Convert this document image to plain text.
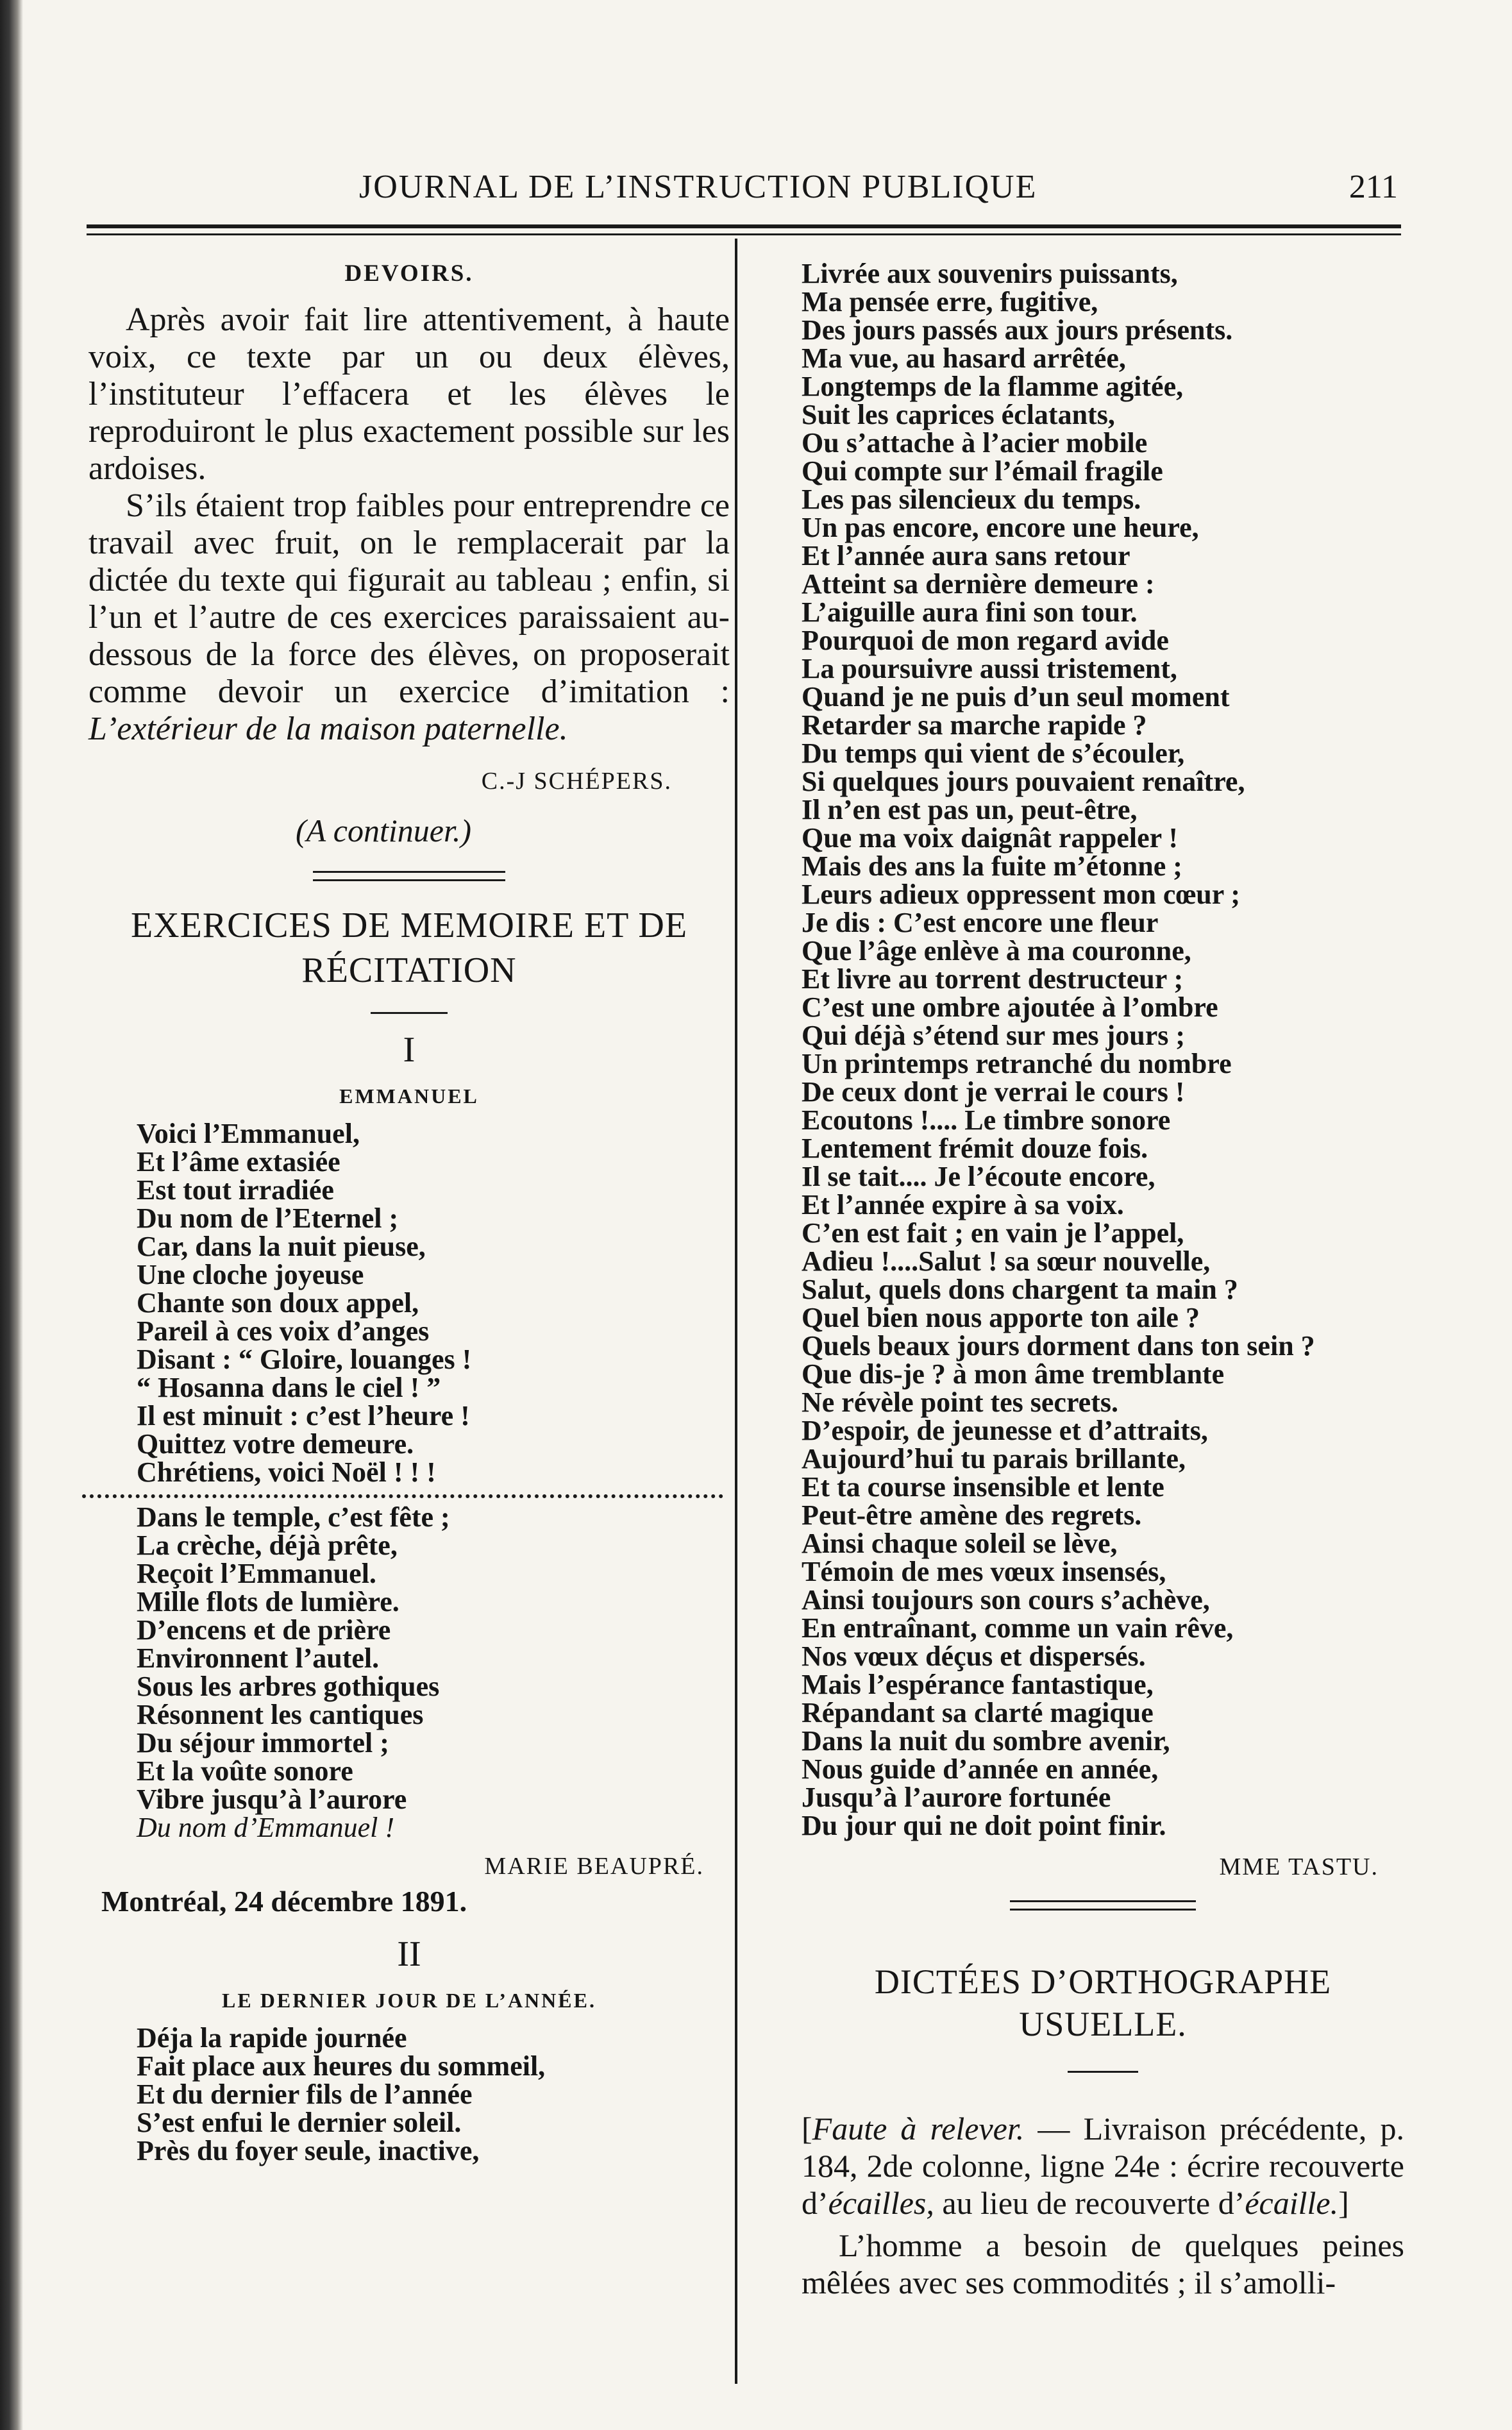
JOURNAL DE L’INSTRUCTION PUBLIQUE	211
DEVOIRS.

Après avoir fait lire attentivement, à haute voix, ce texte par un ou deux élèves, l’instituteur l’effacera et les élèves le reproduiront le plus exactement possible sur les ardoises.

S’ils étaient trop faibles pour entreprendre ce travail avec fruit, on le remplacerait par la dictée du texte qui figurait au tableau ; enfin, si l’un et l’autre de ces exercices paraissaient au-dessous de la force des élèves, on proposerait comme devoir un exercice d’imitation : L’extérieur de la maison paternelle.

C.-J SCHÉPERS.
(A continuer.)
EXERCICES DE MEMOIRE ET DE
RÉCITATION
I
EMMANUEL
Voici l’Emmanuel,
Et l’âme extasiée
Est tout irradiée
Du nom de l’Eternel ;
Car, dans la nuit pieuse,
Une cloche joyeuse
Chante son doux appel,
Pareil à ces voix d’anges
Disant : “ Gloire, louanges !
“ Hosanna dans le ciel ! ”
Il est minuit : c’est l’heure !
Quittez votre demeure.
Chrétiens, voici Noël ! ! !
Dans le temple, c’est fête ;
La crèche, déjà prête,
Reçoit l’Emmanuel.
Mille flots de lumière.
D’encens et de prière
Environnent l’autel.
Sous les arbres gothiques
Résonnent les cantiques
Du séjour immortel ;
Et la voûte sonore
Vibre jusqu’à l’aurore
Du nom d’Emmanuel !
MARIE BEAUPRÉ.
Montréal, 24 décembre 1891.
II
LE DERNIER JOUR DE L’ANNÉE.
Déja la rapide journée
Fait place aux heures du sommeil,
Et du dernier fils de l’année
S’est enfui le dernier soleil.
Près du foyer seule, inactive,
Livrée aux souvenirs puissants,
Ma pensée erre, fugitive,
Des jours passés aux jours présents.
Ma vue, au hasard arrêtée,
Longtemps de la flamme agitée,
Suit les caprices éclatants,
Ou s’attache à l’acier mobile
Qui compte sur l’émail fragile
Les pas silencieux du temps.
Un pas encore, encore une heure,
Et l’année aura sans retour
Atteint sa dernière demeure :
L’aiguille aura fini son tour.
Pourquoi de mon regard avide
La poursuivre aussi tristement,
Quand je ne puis d’un seul moment
Retarder sa marche rapide ?
Du temps qui vient de s’écouler,
Si quelques jours pouvaient renaître,
Il n’en est pas un, peut-être,
Que ma voix daignât rappeler !
Mais des ans la fuite m’étonne ;
Leurs adieux oppressent mon cœur ;
Je dis : C’est encore une fleur
Que l’âge enlève à ma couronne,
Et livre au torrent destructeur ;
C’est une ombre ajoutée à l’ombre
Qui déjà s’étend sur mes jours ;
Un printemps retranché du nombre
De ceux dont je verrai le cours !
Ecoutons !.... Le timbre sonore
Lentement frémit douze fois.
Il se tait.... Je l’écoute encore,
Et l’année expire à sa voix.
C’en est fait ; en vain je l’appel,
Adieu !....Salut ! sa sœur nouvelle,
Salut, quels dons chargent ta main ?
Quel bien nous apporte ton aile ?
Quels beaux jours dorment dans ton sein ?
Que dis-je ? à mon âme tremblante
Ne révèle point tes secrets.
D’espoir, de jeunesse et d’attraits,
Aujourd’hui tu parais brillante,
Et ta course insensible et lente
Peut-être amène des regrets.
Ainsi chaque soleil se lève,
Témoin de mes vœux insensés,
Ainsi toujours son cours s’achève,
En entraînant, comme un vain rêve,
Nos vœux déçus et dispersés.
Mais l’espérance fantastique,
Répandant sa clarté magique
Dans la nuit du sombre avenir,
Nous guide d’année en année,
Jusqu’à l’aurore fortunée
Du jour qui ne doit point finir.
MME TASTU.
DICTÉES D’ORTHOGRAPHE
USUELLE.

[Faute à relever. — Livraison précédente, p. 184, 2de colonne, ligne 24e : écrire recouverte d’écailles, au lieu de recouverte d’écaille.]

L’homme a besoin de quelques peines mêlées avec ses commodités ; il s’amolli-
